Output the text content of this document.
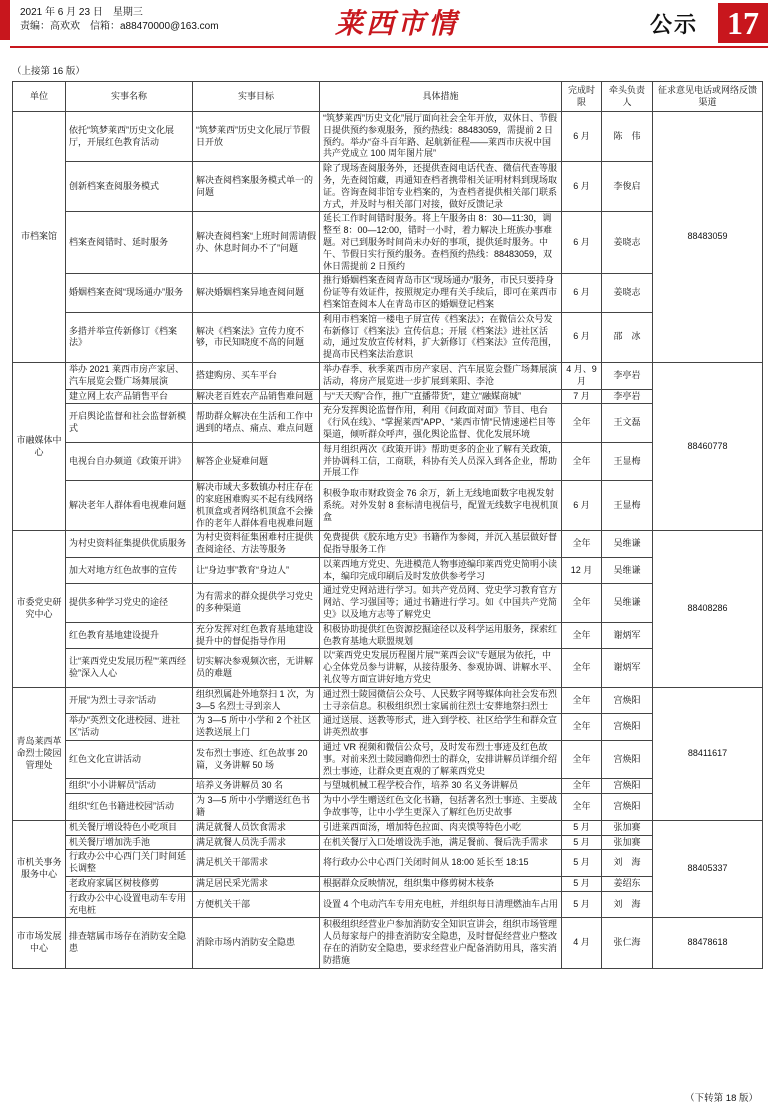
2021 年 6 月 23 日　星期三
责编：高欢欢　信箱：a88470000@163.com	莱西市情	公示 17
（上接第 16 版）
单位	实事名称	实事目标	具体措施	完成时限	牵头负责人	征求意见电话或网络反馈渠道
市档案馆	依托“筑梦莱西”历史文化展厅，开展红色教育活动	“筑梦莱西”历史文化展厅节假日开放	“筑梦莱西”历史文化”展厅面向社会全年开放，双休日、节假日提供预约参观服务，预约热线：88483059，需提前 2 日预约。举办“奋斗百年路、起航新征程——莱西市庆祝中国共产党成立 100 周年图片展”	6 月	陈　伟	88483059
	创新档案查阅服务模式	解决查阅档案服务模式单一的问题	除了现场查阅服务外，还提供查阅电话代查、微信代查等服务，先查阅馆藏，再通知查档者携带相关证明材料到现场取证。咨询查阅非馆专业档案的，为查档者提供相关部门联系方式，并及时与相关部门对接，做好反馈记录	6 月	李俊启	
	档案查阅错时、延时服务	解决查阅档案“上班时间需请假办、休息时间办不了”问题	延长工作时间错时服务。将上午服务由 8：30—11:30，调整至 8：00—12:00，错时一小时，着力解决上班族办事难题。对已到服务时间尚未办好的事项，提供延时服务。中午、节假日实行预约服务。查档预约热线：88483059，双休日需提前 2 日预约	6 月	姜晓志	
	婚姻档案查阅“现场通办”服务	解决婚姻档案异地查阅问题	推行婚姻档案查阅青岛市区“现场通办”服务，市民只要持身份证等有效证件，按照规定办理有关手续后，即可在莱西市档案馆查阅本人在青岛市区的婚姻登记档案	6 月	姜晓志	
	多措并举宣传新修订《档案法》	解决《档案法》宣传力度不够，市民知晓度不高的问题	利用市档案馆一楼电子屏宣传《档案法》；在微信公众号发布新修订《档案法》宣传信息；开展《档案法》进社区活动，通过发放宣传材料，扩大新修订《档案法》宣传范围，提高市民档案法治意识	6 月	邵　冰	
市融媒体中心	举办 2021 莱西市房产家居、汽车展览会暨广场舞展演	搭建购房、买车平台	举办春季、秋季莱西市房产家居、汽车展览会暨广场舞展演活动，将房产展览进一步扩展到莱阳、李沧	4 月、9 月	李亭岩	88460778
	建立网上农产品销售平台	解决老百姓农产品销售难问题	与“天天购”合作，推广“直播带货”，建立“融媒商城”	7 月	李亭岩	
	开启舆论监督和社会监督新模式	帮助群众解决在生活和工作中遇到的堵点、痛点、难点问题	充分发挥舆论监督作用，利用《问政面对面》节目、电台《行风在线》、“掌握莱西”APP、“莱西市情”民情速递栏目等渠道，倾听群众呼声，强化舆论监督、优化发展环境	全年	王文磊	
	电视台自办频道《政策开讲》	解答企业疑难问题	每月组织两次《政策开讲》帮助更多的企业了解有关政策，并协调科工信，工商联，科协有关人员深入到各企业，帮助开展工作	全年	王显梅	
	解决老年人群体看电视难问题	解决市域大多数镇办村庄存在的家庭困难购买不起有线网络机顶盒或者网络机顶盒不会操作的老年人群体看电视难问题	积极争取市财政资金 76 余万，新上无线地面数字电视发射系统。对外发射 8 套标清电视信号，配置无线数字电视机顶盒	6 月	王显梅	
市委党史研究中心	为村史资料征集提供优质服务	为村史资料征集困难村庄提供查阅途径、方法等服务	免费提供《胶东地方史》书籍作为参阅，并沉入基层做好督促指导服务工作	全年	吴维谦	88408286
	加大对地方红色故事的宣传	让“身边事”教育“身边人”	以莱西地方党史、先进模范人物事迹编印莱西党史简明小读本，编印完成印刷后及时发放供参考学习	12 月	吴维谦	
	提供多种学习党史的途径	为有需求的群众提供学习党史的多种渠道	通过党史网站进行学习。如共产党员网、党史学习教育官方网站、学习强国等；通过书籍进行学习。如《中国共产党简史》以及地方志等了解党史	全年	吴维谦	
	红色教育基地建设提升	充分发挥对红色教育基地建设提升中的督促指导作用	积极协助提供红色资源挖掘途径以及科学运用服务，探索红色教育基地大联盟规划	全年	谢炳军	
	让“莱西党史发展历程”“莱西经验”深入人心	切实解决参观频次密，无讲解员的难题	以“莱西党史发展历程图片展”“莱西会议”专题展为依托，中心全体党员参与讲解，从接待服务、参观协调、讲解水平、礼仪等方面宣讲好地方党史	全年	谢炳军	
青岛莱西革命烈士陵园管理处	开展“为烈士寻亲”活动	组织烈属赴外地祭扫 1 次，为 3—5 名烈士寻到亲人	通过烈士陵园微信公众号、人民数字网等媒体向社会发布烈士寻亲信息。积极组织烈士家属前往烈士安葬地祭扫烈士	全年	宫焕阳	88411617
	举办“英烈文化进校园、进社区”活动	为 3—5 所中小学和 2 个社区送教送展上门	通过送展、送教等形式，进入到学校、社区给学生和群众宣讲英烈故事	全年	宫焕阳	
	红色文化宣讲活动	发布烈士事迹、红色故事 20 篇，义务讲解 50 场	通过 VR 视频和微信公众号，及时发布烈士事迹及红色故事。对前来烈士陵园瞻仰烈士的群众，安排讲解员详细介绍烈士事迹，让群众更直观的了解莱西党史	全年	宫焕阳	
	组织“小小讲解员”活动	培养义务讲解员 30 名	与望城机械工程学校合作，培养 30 名义务讲解员	全年	宫焕阳	
	组织“红色书籍进校园”活动	为 3—5 所中小学赠送红色书籍	为中小学生赠送红色文化书籍，包括著名烈士事迹、主要战争故事等，让中小学生更深入了解红色历史故事	全年	宫焕阳	
市机关事务服务中心	机关餐厅增设特色小吃项目	满足就餐人员饮食需求	引进莱西面汤，增加特色拉面、肉夹馍等特色小吃	5 月	张加赛	88405337
	机关餐厅增加洗手池	满足就餐人员洗手需求	在机关餐厅入口处增设洗手池，满足餐前、餐后洗手需求	5 月	张加赛	
	行政办公中心西门关门时间延长调整	满足机关干部需求	将行政办公中心西门关闭时间从 18:00 延长至 18:15	5 月	刘　海	
	老政府家属区树枝修剪	满足居民采光需求	根据群众反映情况，组织集中修剪树木枝条	5 月	姜绍东	
	行政办公中心设置电动车专用充电桩	方便机关干部	设置 4 个电动汽车专用充电桩，并组织每日清理燃油车占用	5 月	刘　海	
市市场发展中心	排查辖属市场存在消防安全隐患	消除市场内消防安全隐患	积极组织经营业户参加消防安全知识宣讲会，组织市场管理人员每家每户的排查消防安全隐患，及时督促经营业户整改存在的消防安全隐患，要求经营业户配备消防用具，落实消防措施	4 月	张仁海	88478618
（下转第 18 版）
